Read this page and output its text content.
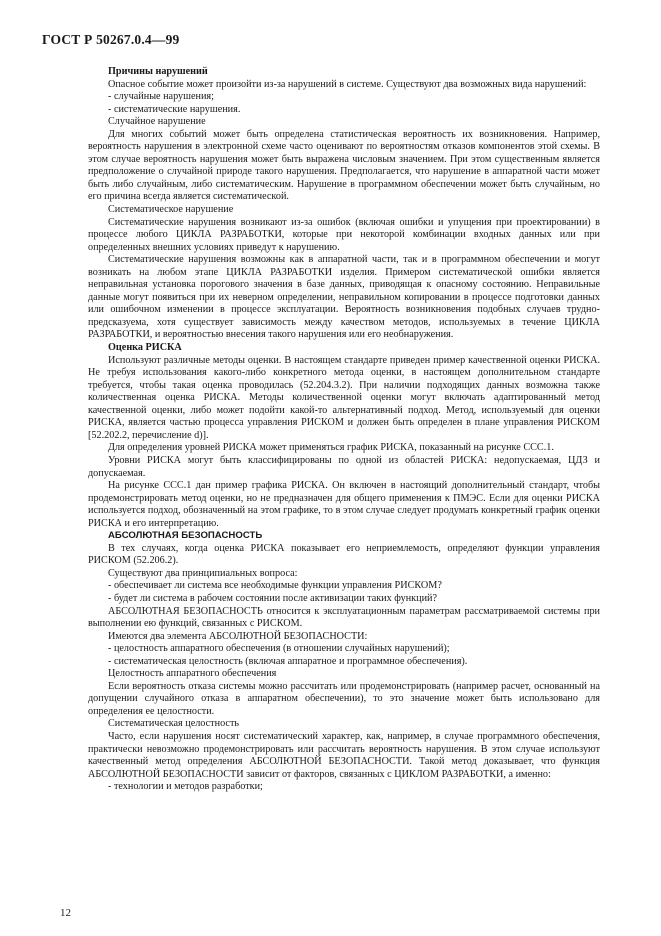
ГОСТ Р 50267.0.4—99

Причины нарушений

Опасное событие может произойти из-за нарушений в системе. Существуют два возможных вида нарушений:

- случайные нарушения;

- систематические нарушения.

Случайное нарушение

Для многих событий может быть определена статистическая вероятность их возникновения. Например, вероятность нарушения в электронной схеме часто оценивают по вероятностям отказов компонентов этой схемы. В этом случае вероятность нарушения может быть выражена числовым значением. При этом существенным является предположение о случайной природе такого нарушения. Предполагается, что нарушение в аппаратной части может быть либо случайным, либо систематическим. Нарушение в программном обеспечении может быть случайным, но его причина всегда является систематической.

Систематическое нарушение

Систематические нарушения возникают из-за ошибок (включая ошибки и упущения при проектировании) в процессе любого ЦИКЛА РАЗРАБОТКИ, которые при некоторой комбинации входных данных или при определенных внешних условиях приведут к нарушению.

Систематические нарушения возможны как в аппаратной части, так и в программном обеспечении и могут возникать на любом этапе ЦИКЛА РАЗРАБОТКИ изделия. Примером систематической ошибки является неправильная установка порогового значения в базе данных, приводящая к опасному состоянию. Неправильные данные могут появиться при их неверном определении, неправильном копировании в процессе подготовки данных или ошибочном изменении в процессе эксплуатации. Вероятность возникновения подобных случаев труднопредсказуема, хотя существует зависимость между качеством методов, используемых в течение ЦИКЛА РАЗРАБОТКИ, и вероятностью внесения такого нарушения или его необнаружения.

Оценка РИСКА

Используют различные методы оценки. В настоящем стандарте приведен пример качественной оценки РИСКА. Не требуя использования какого-либо конкретного метода оценки, в настоящем дополнительном стандарте требуется, чтобы такая оценка проводилась (52.204.3.2). При наличии подходящих данных возможна также количественная оценка РИСКА. Методы количественной оценки могут включать адаптированный метод качественной оценки, либо может подойти какой-то альтернативный подход. Метод, используемый для оценки РИСКА, является частью процесса управления РИСКОМ и должен быть определен в плане управления РИСКОМ [52.202.2, перечисление d)].

Для определения уровней РИСКА может применяться график РИСКА, показанный на рисунке ССС.1.

Уровни РИСКА могут быть классифицированы по одной из областей РИСКА: недопускаемая, ЦДЗ и допускаемая.

На рисунке ССС.1 дан пример графика РИСКА. Он включен в настоящий дополнительный стандарт, чтобы продемонстрировать метод оценки, но не предназначен для общего применения к ПМЭС. Если для оценки РИСКА используется подход, обозначенный на этом графике, то в этом случае следует продумать конкретный график оценки РИСКА и его интерпретацию.

АБСОЛЮТНАЯ БЕЗОПАСНОСТЬ

В тех случаях, когда оценка РИСКА показывает его неприемлемость, определяют функции управления РИСКОМ (52.206.2).

Существуют два принципиальных вопроса:

- обеспечивает ли система все необходимые функции управления РИСКОМ?

- будет ли система в рабочем состоянии после активизации таких функций?

АБСОЛЮТНАЯ БЕЗОПАСНОСТЬ относится к эксплуатационным параметрам рассматриваемой системы при выполнении ею функций, связанных с РИСКОМ.

Имеются два элемента АБСОЛЮТНОЙ БЕЗОПАСНОСТИ:

- целостность аппаратного обеспечения (в отношении случайных нарушений);

- систематическая целостность (включая аппаратное и программное обеспечения).

Целостность аппаратного обеспечения

Если вероятность отказа системы можно рассчитать или продемонстрировать (например расчет, основанный на допущении случайного отказа в аппаратном обеспечении), то это значение может быть использовано для определения ее целостности.

Систематическая целостность

Часто, если нарушения носят систематический характер, как, например, в случае программного обеспечения, практически невозможно продемонстрировать или рассчитать вероятность нарушения. В этом случае используют качественный метод определения АБСОЛЮТНОЙ БЕЗОПАСНОСТИ. Такой метод доказывает, что функция АБСОЛЮТНОЙ БЕЗОПАСНОСТИ зависит от факторов, связанных с ЦИКЛОМ РАЗРАБОТКИ, а именно:

- технологии и методов разработки;

12
